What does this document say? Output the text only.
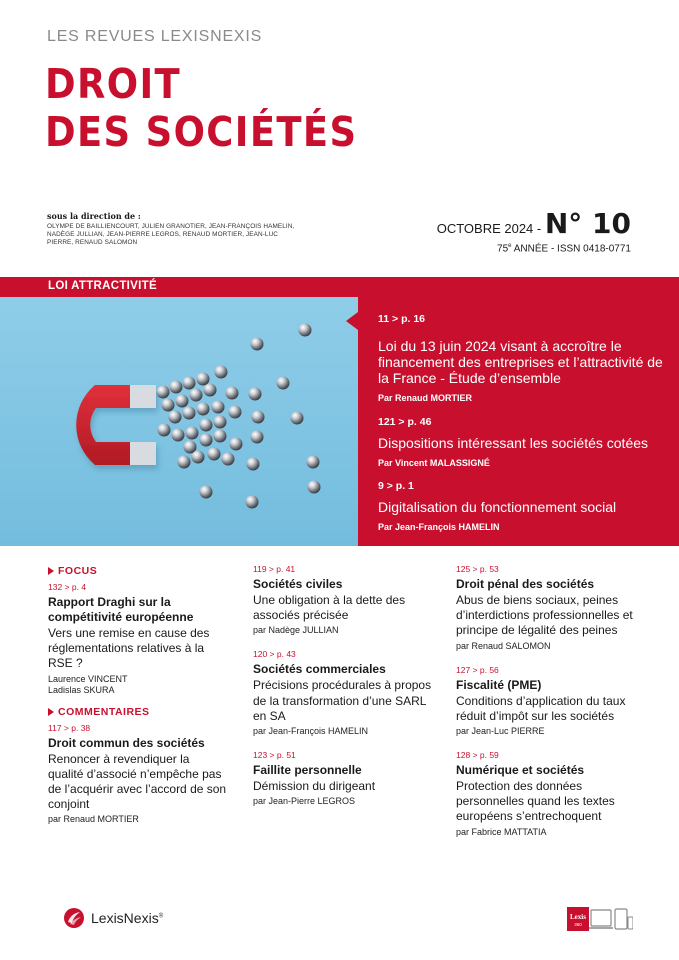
LES REVUES LEXISNEXIS
DROIT
DES SOCIÉTÉS
sous la direction de :
OLYMPE DE BAILLIENCOURT, JULIEN GRANOTIER, JEAN-FRANÇOIS HAMELIN, NADÈGE JULLIAN, JEAN-PIERRE LEGROS, RENAUD MORTIER, JEAN-LUC PIERRE, RENAUD SALOMON
OCTOBRE 2024 - N° 10
75e ANNÉE - ISSN 0418-0771
LOI ATTRACTIVITÉ
11 > p. 16
Loi du 13 juin 2024 visant à accroître le financement des entreprises et l’attractivité de la France - Étude d’ensemble
Par Renaud MORTIER
121 > p. 46
Dispositions intéressant les sociétés cotées
Par Vincent MALASSIGNÉ
9 > p. 1
Digitalisation du fonctionnement social
Par Jean-François HAMELIN
FOCUS
132 > p. 4
Rapport Draghi sur la compétitivité européenne
Vers une remise en cause des réglementations relatives à la RSE ?
Laurence VINCENT
Ladislas SKURA
COMMENTAIRES
117 > p. 38
Droit commun des sociétés
Renoncer à revendiquer la qualité d’associé n’empêche pas de l’acquérir avec l’accord de son conjoint
par Renaud MORTIER
119 > p. 41
Sociétés civiles
Une obligation à la dette des associés précisée
par Nadège JULLIAN
120 > p. 43
Sociétés commerciales
Précisions procédurales à propos de la transformation d’une SARL en SA
par Jean-François HAMELIN
123 > p. 51
Faillite personnelle
Démission du dirigeant
par Jean-Pierre LEGROS
125 > p. 53
Droit pénal des sociétés
Abus de biens sociaux, peines d’interdictions professionnelles et principe de légalité des peines
par Renaud SALOMON
127 > p. 56
Fiscalité (PME)
Conditions d’application du taux réduit d’impôt sur les sociétés
par Jean-Luc PIERRE
128 > p. 59
Numérique et sociétés
Protection des données personnelles quand les textes européens s’entrechoquent
par Fabrice MATTATIA
LexisNexis®	Lexis
360
